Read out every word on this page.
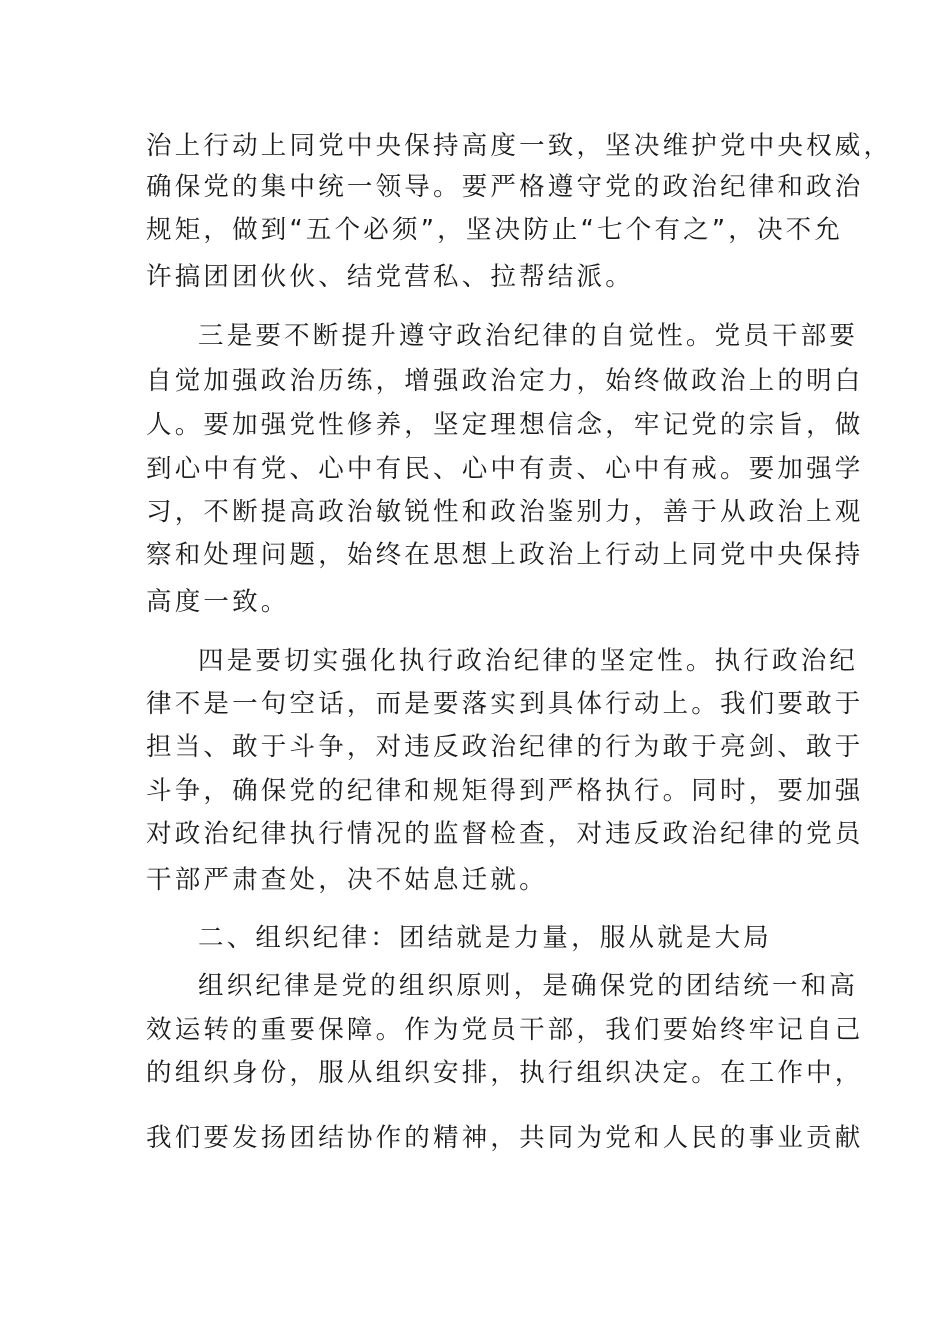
治上行动上同党中央保持高度一致，坚决维护党中央权威，
确保党的集中统一领导。要严格遵守党的政治纪律和政治
规矩，做到“五个必须”，坚决防止“七个有之”，决不允
许搞团团伙伙、结党营私、拉帮结派。
三是要不断提升遵守政治纪律的自觉性。党员干部要
自觉加强政治历练，增强政治定力，始终做政治上的明白
人。要加强党性修养，坚定理想信念，牢记党的宗旨，做
到心中有党、心中有民、心中有责、心中有戒。要加强学
习，不断提高政治敏锐性和政治鉴别力，善于从政治上观
察和处理问题，始终在思想上政治上行动上同党中央保持
高度一致。
四是要切实强化执行政治纪律的坚定性。执行政治纪
律不是一句空话，而是要落实到具体行动上。我们要敢于
担当、敢于斗争，对违反政治纪律的行为敢于亮剑、敢于
斗争，确保党的纪律和规矩得到严格执行。同时，要加强
对政治纪律执行情况的监督检查，对违反政治纪律的党员
干部严肃查处，决不姑息迁就。
二、组织纪律：团结就是力量，服从就是大局
组织纪律是党的组织原则，是确保党的团结统一和高
效运转的重要保障。作为党员干部，我们要始终牢记自己
的组织身份，服从组织安排，执行组织决定。在工作中，
我们要发扬团结协作的精神，共同为党和人民的事业贡献
